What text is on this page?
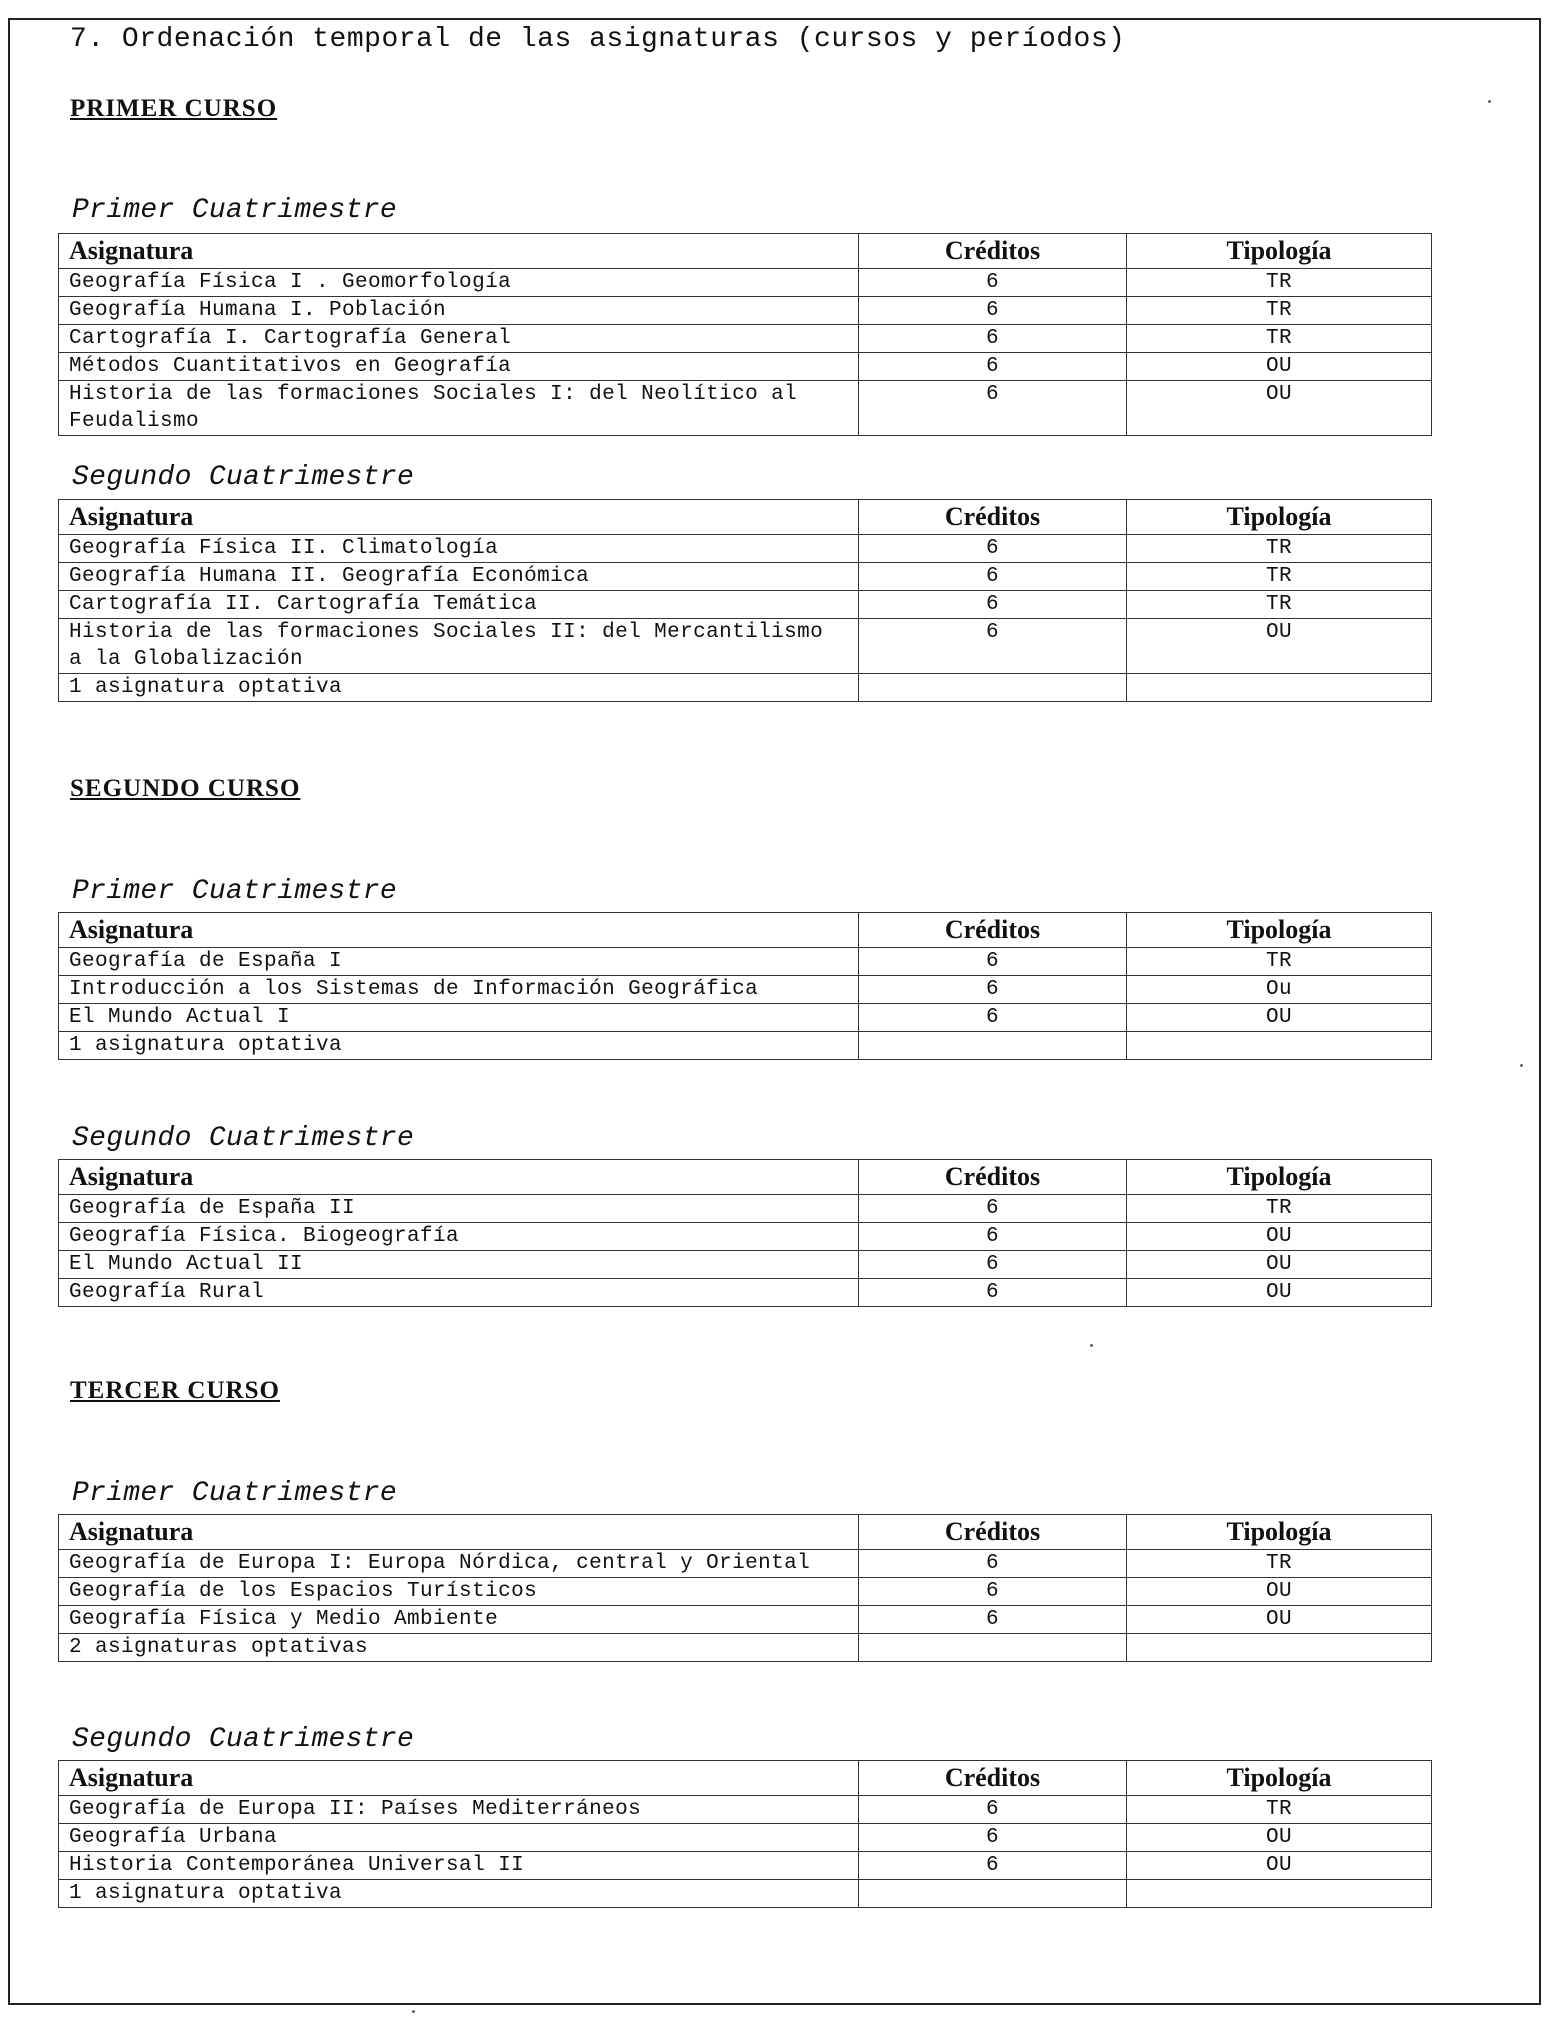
7. Ordenación temporal de las asignaturas (cursos y períodos)
PRIMER CURSO
Primer Cuatrimestre
Asignatura	Créditos	Tipología
Geografía Física I . Geomorfología	6	TR
Geografía Humana I. Población	6	TR
Cartografía I. Cartografía General	6	TR
Métodos Cuantitativos en Geografía	6	OU
Historia de las formaciones Sociales I: del Neolítico al Feudalismo	6	OU
Segundo Cuatrimestre
Asignatura	Créditos	Tipología
Geografía Física II. Climatología	6	TR
Geografía Humana II. Geografía Económica	6	TR
Cartografía II. Cartografía Temática	6	TR
Historia de las formaciones Sociales II: del Mercantilismo a la Globalización	6	OU
1 asignatura optativa		
SEGUNDO CURSO
Primer Cuatrimestre
Asignatura	Créditos	Tipología
Geografía de España I	6	TR
Introducción a los Sistemas de Información Geográfica	6	Ou
El Mundo Actual I	6	OU
1 asignatura optativa		
Segundo Cuatrimestre
Asignatura	Créditos	Tipología
Geografía de España II	6	TR
Geografía Física. Biogeografía	6	OU
El Mundo Actual II	6	OU
Geografía Rural	6	OU
TERCER CURSO
Primer Cuatrimestre
Asignatura	Créditos	Tipología
Geografía de Europa I: Europa Nórdica, central y Oriental	6	TR
Geografía de los Espacios Turísticos	6	OU
Geografía Física y Medio Ambiente	6	OU
2 asignaturas optativas		
Segundo Cuatrimestre
Asignatura	Créditos	Tipología
Geografía de Europa II: Países Mediterráneos	6	TR
Geografía Urbana	6	OU
Historia Contemporánea Universal II	6	OU
1 asignatura optativa		
